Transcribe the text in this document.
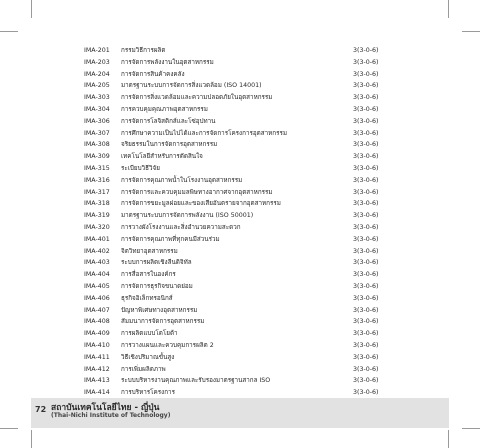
IMA-201 กรรมวิธีการผลิต	3(3-0-6)
IMA-203 การจัดการพลังงานในอุตสาหกรรม	3(3-0-6)
IMA-204 การจัดการสินค้าคงคลัง	3(3-0-6)
IMA-205 มาตรฐานระบบการจัดการสิ่งแวดล้อม (ISO 14001)	3(3-0-6)
IMA-303 การจัดการสิ่งแวดล้อมและความปลอดภัยในอุตสาหกรรม	3(3-0-6)
IMA-304 การควบคุมคุณภาพอุตสาหกรรม	3(3-0-6)
IMA-306 การจัดการโลจิสติกส์และโซ่อุปทาน	3(3-0-6)
IMA-307 การศึกษาความเป็นไปได้และการจัดการโครงการอุตสาหกรรม	3(3-0-6)
IMA-308 จริยธรรมในการจัดการอุตสาหกรรม	3(3-0-6)
IMA-309 เทคโนโลยีสำหรับการตัดสินใจ	3(3-0-6)
IMA-315 ระเบียบวิธีวิจัย	3(3-0-6)
IMA-316 การจัดการคุณภาพน้ำในโรงงานอุตสาหกรรม	3(3-0-6)
IMA-317 การจัดการและควบคุมมลพิษทางอากาศจากอุตสาหกรรม	3(3-0-6)
IMA-318 การจัดการขยะมูลฝอยและของเสียอันตรายจากอุตสาหกรรม	3(3-0-6)
IMA-319 มาตรฐานระบบการจัดการพลังงาน (ISO 50001)	3(3-0-6)
IMA-320 การวางผังโรงงานและสิ่งอำนวยความสะดวก	3(3-0-6)
IMA-401 การจัดการคุณภาพที่ทุกคนมีส่วนร่วม	3(3-0-6)
IMA-402 จิตวิทยาอุตสาหกรรม	3(3-0-6)
IMA-403 ระบบการผลิตเชิงลีนดิจิทัล	3(3-0-6)
IMA-404 การสื่อสารในองค์กร	3(3-0-6)
IMA-405 การจัดการธุรกิจขนาดย่อม	3(3-0-6)
IMA-406 ธุรกิจอิเล็กทรอนิกส์	3(3-0-6)
IMA-407 ปัญหาพิเศษทางอุตสาหกรรม	3(3-0-6)
IMA-408 สัมมนาการจัดการอุตสาหกรรม	3(3-0-6)
IMA-409 การผลิตแบบโตโยต้า	3(3-0-6)
IMA-410 การวางแผนและควบคุมการผลิต 2	3(3-0-6)
IMA-411 วิธีเชิงปริมาณขั้นสูง	3(3-0-6)
IMA-412 การเพิ่มผลิตภาพ	3(3-0-6)
IMA-413 ระบบบริหารงานคุณภาพและรับรองมาตรฐานสากล ISO	3(3-0-6)
IMA-414 การบริหารโครงการ	3(3-0-6)
72 สถาบันเทคโนโลยีไทย - ญี่ปุ่น
(Thai-Nichi Institute of Technology)
